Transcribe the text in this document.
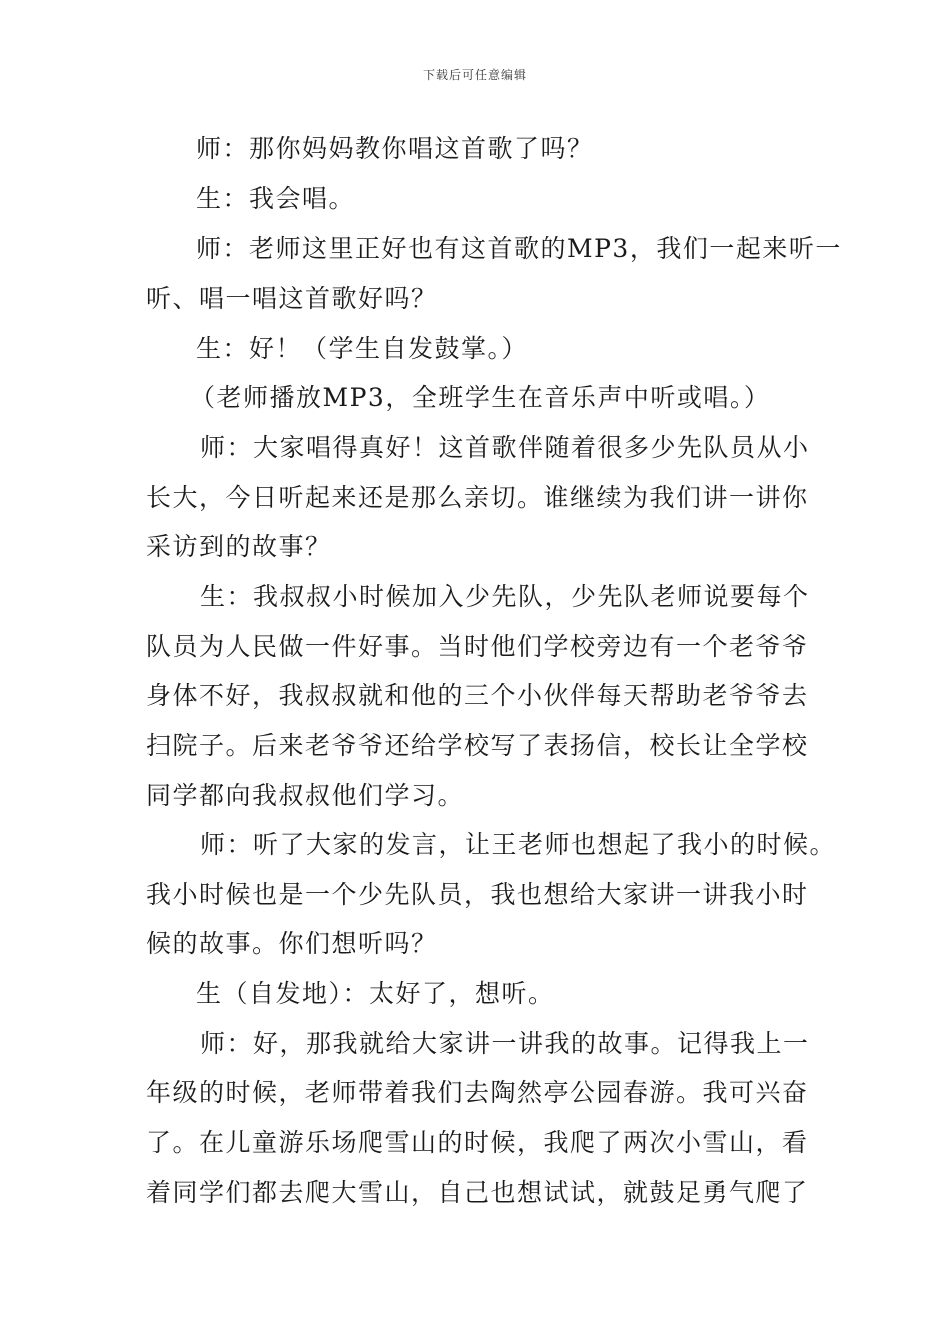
下载后可任意编辑
师：那你妈妈教你唱这首歌了吗？
生：我会唱。
师：老师这里正好也有这首歌的MP3，我们一起来听一
听、唱一唱这首歌好吗？
生：好！（学生自发鼓掌。）
（老师播放MP3，全班学生在音乐声中听或唱。）
师：大家唱得真好！这首歌伴随着很多少先队员从小
长大，今日听起来还是那么亲切。谁继续为我们讲一讲你
采访到的故事？
生：我叔叔小时候加入少先队，少先队老师说要每个
队员为人民做一件好事。当时他们学校旁边有一个老爷爷
身体不好，我叔叔就和他的三个小伙伴每天帮助老爷爷去
扫院子。后来老爷爷还给学校写了表扬信，校长让全学校
同学都向我叔叔他们学习。
师：听了大家的发言，让王老师也想起了我小的时候。
我小时候也是一个少先队员，我也想给大家讲一讲我小时
候的故事。你们想听吗？
生（自发地）：太好了，想听。
师：好，那我就给大家讲一讲我的故事。记得我上一
年级的时候，老师带着我们去陶然亭公园春游。我可兴奋
了。在儿童游乐场爬雪山的时候，我爬了两次小雪山，看
着同学们都去爬大雪山，自己也想试试，就鼓足勇气爬了
